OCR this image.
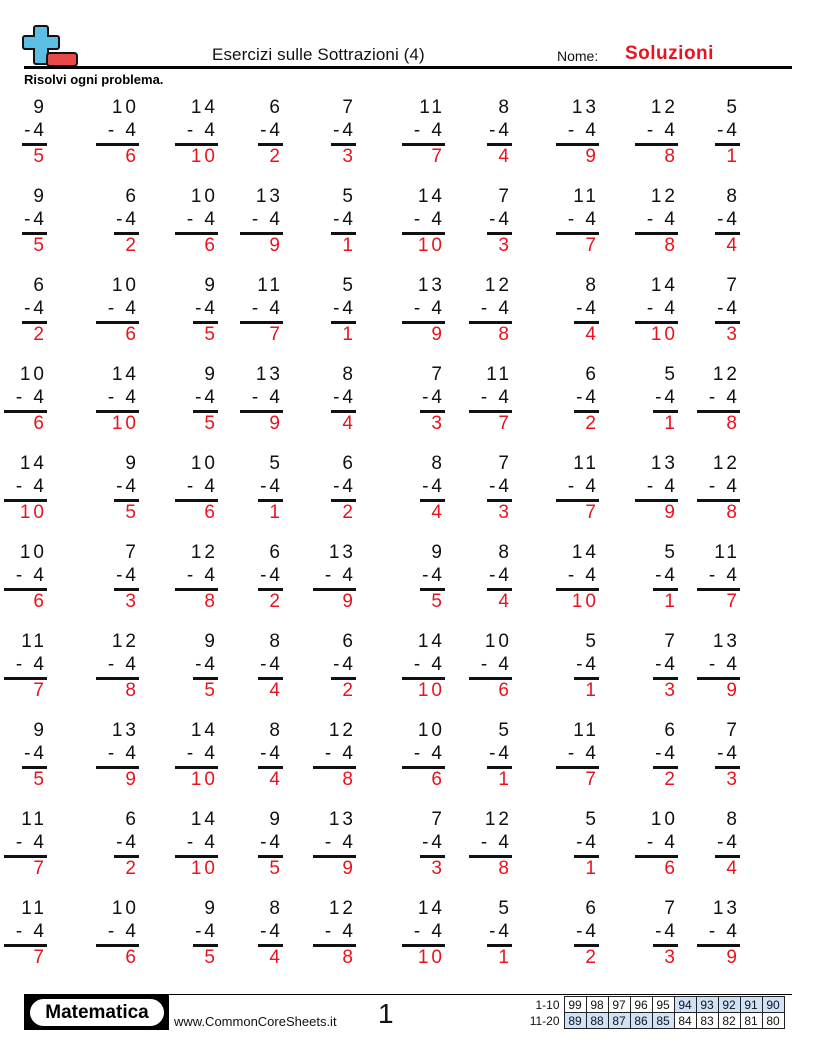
Esercizi sulle Sottrazioni (4)	Nome: Soluzioni
Risolvi ogni problema.
9
-4
5
10
- 4
6
14
- 4
10
6
-4
2
7
-4
3
11
- 4
7
8
-4
4
13
- 4
9
12
- 4
8
5
-4
1
9
-4
5
6
-4
2
10
- 4
6
13
- 4
9
5
-4
1
14
- 4
10
7
-4
3
11
- 4
7
12
- 4
8
8
-4
4
6
-4
2
10
- 4
6
9
-4
5
11
- 4
7
5
-4
1
13
- 4
9
12
- 4
8
8
-4
4
14
- 4
10
7
-4
3
10
- 4
6
14
- 4
10
9
-4
5
13
- 4
9
8
-4
4
7
-4
3
11
- 4
7
6
-4
2
5
-4
1
12
- 4
8
14
- 4
10
9
-4
5
10
- 4
6
5
-4
1
6
-4
2
8
-4
4
7
-4
3
11
- 4
7
13
- 4
9
12
- 4
8
10
- 4
6
7
-4
3
12
- 4
8
6
-4
2
13
- 4
9
9
-4
5
8
-4
4
14
- 4
10
5
-4
1
11
- 4
7
11
- 4
7
12
- 4
8
9
-4
5
8
-4
4
6
-4
2
14
- 4
10
10
- 4
6
5
-4
1
7
-4
3
13
- 4
9
9
-4
5
13
- 4
9
14
- 4
10
8
-4
4
12
- 4
8
10
- 4
6
5
-4
1
11
- 4
7
6
-4
2
7
-4
3
11
- 4
7
6
-4
2
14
- 4
10
9
-4
5
13
- 4
9
7
-4
3
12
- 4
8
5
-4
1
10
- 4
6
8
-4
4
11
- 4
7
10
- 4
6
9
-4
5
8
-4
4
12
- 4
8
14
- 4
10
5
-4
1
6
-4
2
7
-4
3
13
- 4
9
Matematica	www.CommonCoreSheets.it 1	1-10	99	98	97	96	95	94	93	92	91	90
11-20	89	88	87	86	85	84	83	82	81	80
